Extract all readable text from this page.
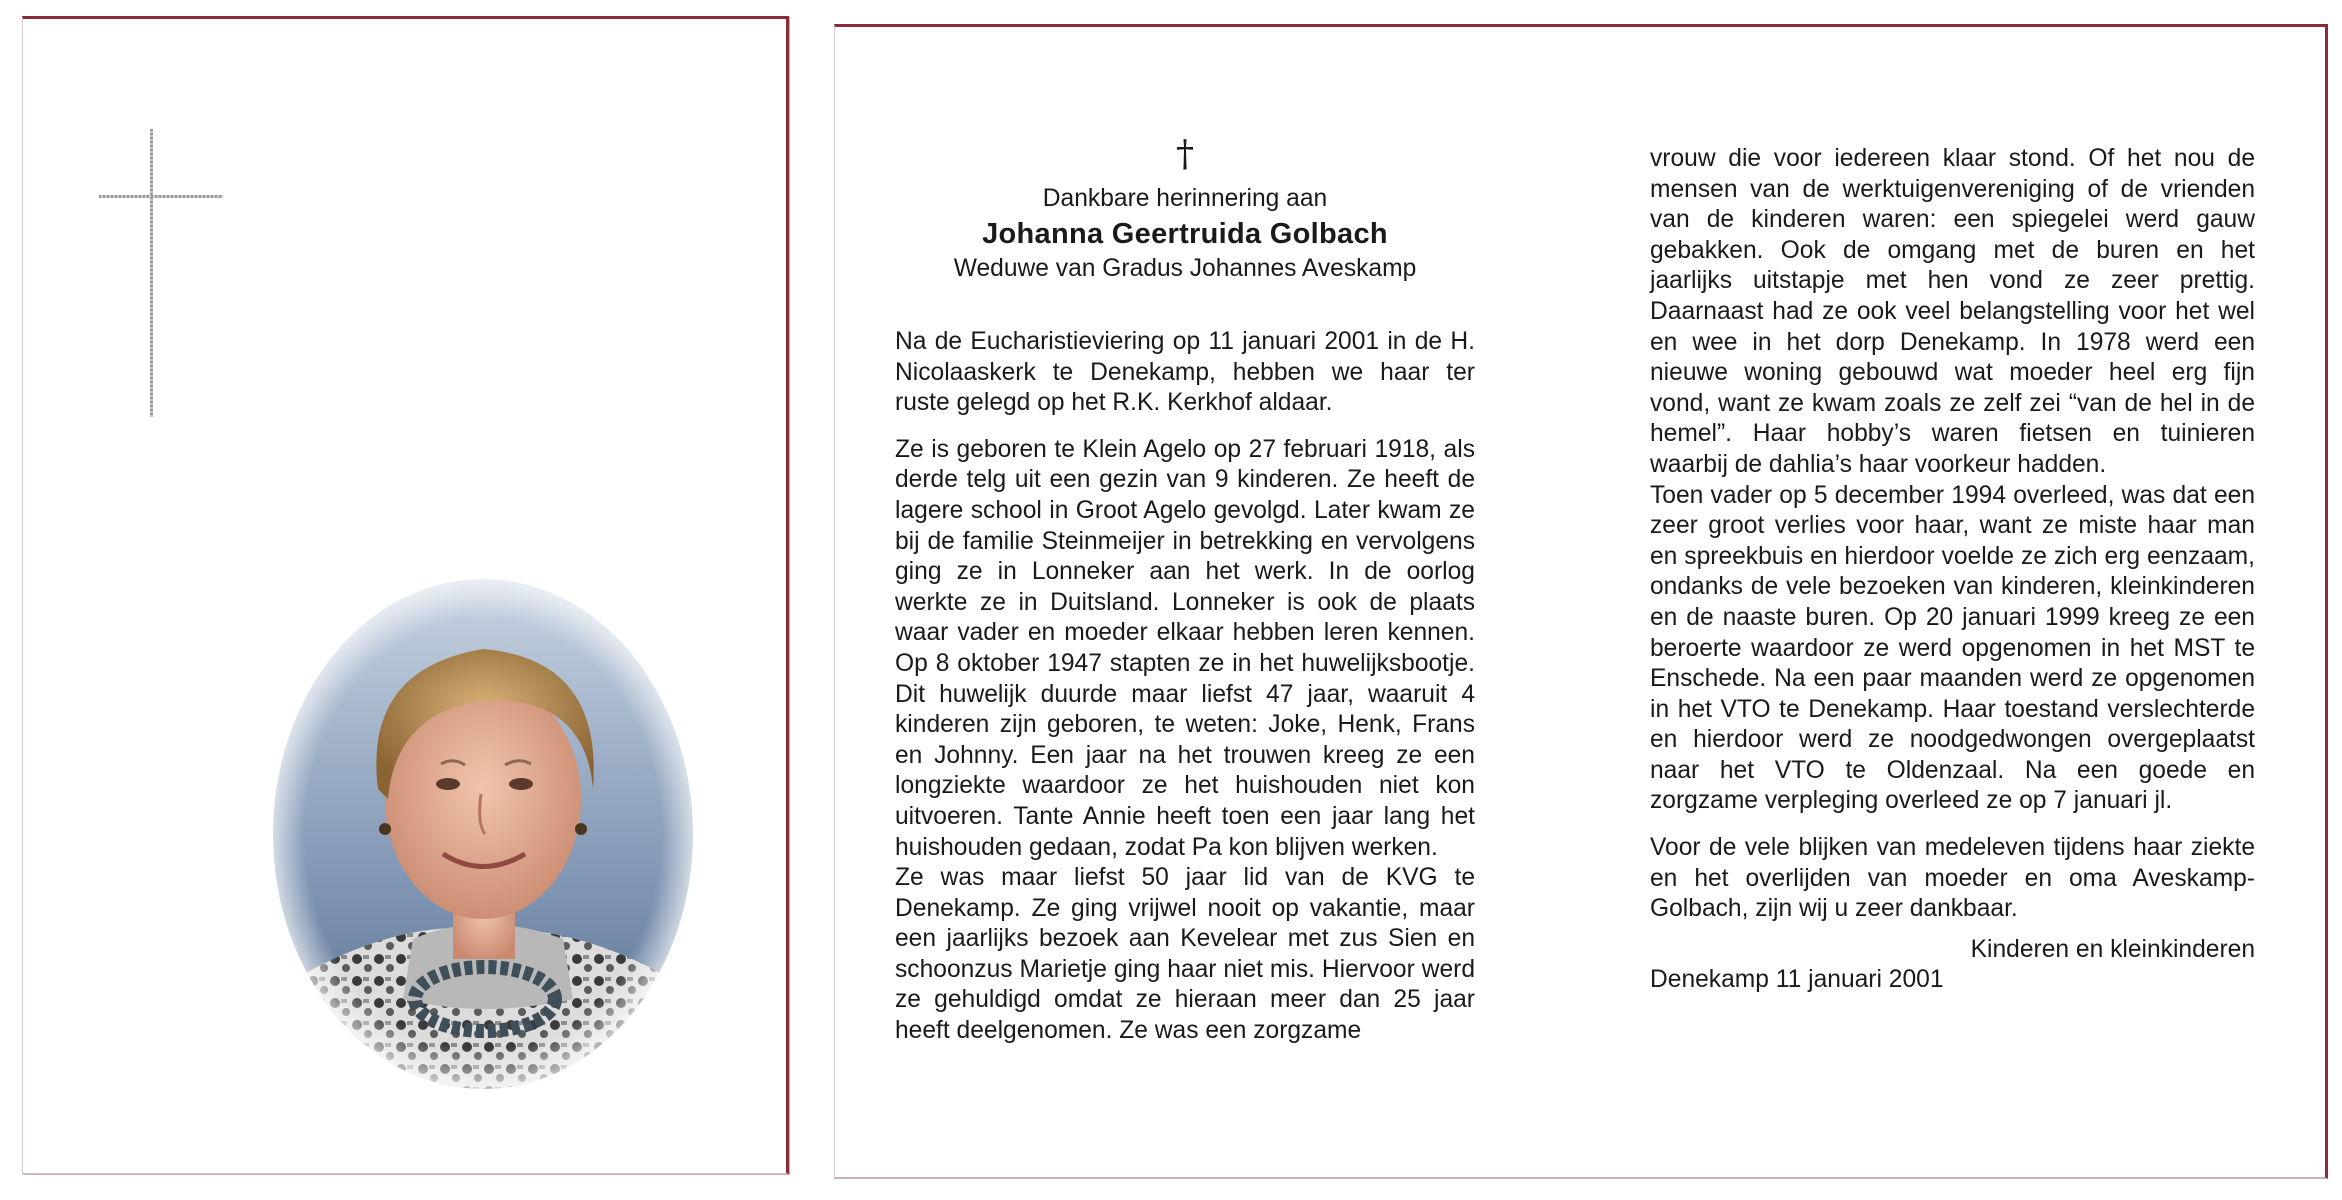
†
Dankbare herinnering aan
Johanna Geertruida Golbach
Weduwe van Gradus Johannes Aveskamp

Na de Eucharistieviering op 11 januari 2001 in de H. Nicolaaskerk te Denekamp, hebben we haar ter ruste gelegd op het R.K. Kerkhof aldaar.

Ze is geboren te Klein Agelo op 27 februari 1918, als derde telg uit een gezin van 9 kinderen. Ze heeft de lagere school in Groot Agelo gevolgd. Later kwam ze bij de familie Steinmeijer in betrekking en vervolgens ging ze in Lonneker aan het werk. In de oorlog werkte ze in Duitsland. Lonneker is ook de plaats waar vader en moeder elkaar hebben leren kennen. Op 8 oktober 1947 stapten ze in het huwelijksbootje. Dit huwelijk duurde maar liefst 47 jaar, waaruit 4 kinderen zijn geboren, te weten: Joke, Henk, Frans en Johnny. Een jaar na het trouwen kreeg ze een longziekte waardoor ze het huishouden niet kon uitvoeren. Tante Annie heeft toen een jaar lang het huishouden gedaan, zodat Pa kon blijven werken.

Ze was maar liefst 50 jaar lid van de KVG te Denekamp. Ze ging vrijwel nooit op vakantie, maar een jaarlijks bezoek aan Kevelear met zus Sien en schoonzus Marietje ging haar niet mis. Hiervoor werd ze gehuldigd omdat ze hieraan meer dan 25 jaar heeft deelgenomen. Ze was een zorgzame

vrouw die voor iedereen klaar stond. Of het nou de mensen van de werktuigenvereniging of de vrienden van de kinderen waren: een spiegelei werd gauw gebakken. Ook de omgang met de buren en het jaarlijks uitstapje met hen vond ze zeer prettig. Daarnaast had ze ook veel belangstelling voor het wel en wee in het dorp Denekamp. In 1978 werd een nieuwe woning gebouwd wat moeder heel erg fijn vond, want ze kwam zoals ze zelf zei “van de hel in de hemel”. Haar hobby’s waren fietsen en tuinieren waarbij de dahlia’s haar voorkeur hadden.

Toen vader op 5 december 1994 overleed, was dat een zeer groot verlies voor haar, want ze miste haar man en spreekbuis en hierdoor voelde ze zich erg eenzaam, ondanks de vele bezoeken van kinderen, kleinkinderen en de naaste buren. Op 20 januari 1999 kreeg ze een beroerte waardoor ze werd opgenomen in het MST te Enschede. Na een paar maanden werd ze opgenomen in het VTO te Denekamp. Haar toestand verslechterde en hierdoor werd ze noodgedwongen overgeplaatst naar het VTO te Oldenzaal. Na een goede en zorgzame verpleging overleed ze op 7 januari jl.

Voor de vele blijken van medeleven tijdens haar ziekte en het overlijden van moeder en oma Aveskamp-Golbach, zijn wij u zeer dankbaar.

Kinderen en kleinkinderen

Denekamp 11 januari 2001
